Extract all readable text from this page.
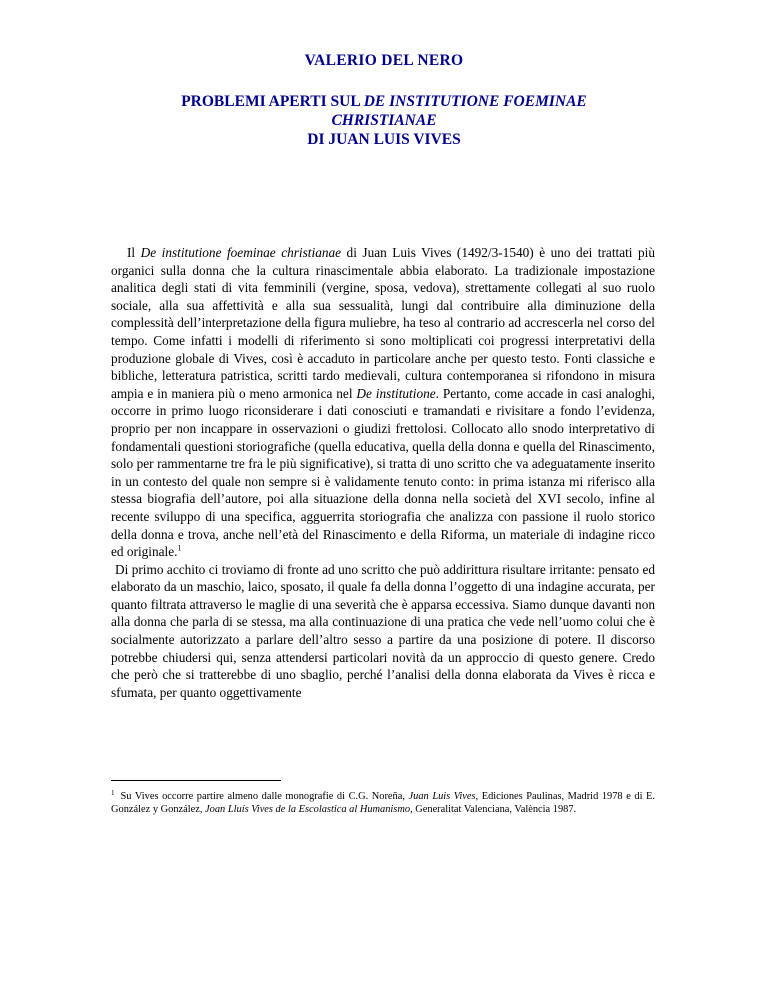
VALERIO DEL NERO
PROBLEMI APERTI SUL DE INSTITUTIONE FOEMINAE
CHRISTIANAE
DI JUAN LUIS VIVES

Il De institutione foeminae christianae di Juan Luis Vives (1492/3-1540) è uno dei trattati più organici sulla donna che la cultura rinascimentale abbia elaborato. La tradizionale impostazione analitica degli stati di vita femminili (vergine, sposa, vedova), strettamente collegati al suo ruolo sociale, alla sua affettività e alla sua sessualità, lungi dal contribuire alla diminuzione della complessità dell’interpretazione della figura muliebre, ha teso al contrario ad accrescerla nel corso del tempo. Come infatti i modelli di riferimento si sono moltiplicati coi progressi interpretativi della produzione globale di Vives, così è accaduto in particolare anche per questo testo. Fonti classiche e bibliche, letteratura patristica, scritti tardo medievali, cultura contemporanea si rifondono in misura ampia e in maniera più o meno armonica nel De institutione. Pertanto, come accade in casi analoghi, occorre in primo luogo riconsiderare i dati conosciuti e tramandati e rivisitare a fondo l’evidenza, proprio per non incappare in osservazioni o giudizi frettolosi. Collocato allo snodo interpretativo di fondamentali questioni storiografiche (quella educativa, quella della donna e quella del Rinascimento, solo per rammentarne tre fra le più significative), si tratta di uno scritto che va adeguatamente inserito in un contesto del quale non sempre si è validamente tenuto conto: in prima istanza mi riferisco alla stessa biografia dell’autore, poi alla situazione della donna nella società del XVI secolo, infine al recente sviluppo di una specifica, agguerrita storiografia che analizza con passione il ruolo storico della donna e trova, anche nell’età del Rinascimento e della Riforma, un materiale di indagine ricco ed originale.$^1$

Di primo acchito ci troviamo di fronte ad uno scritto che può addirittura risultare irritante: pensato ed elaborato da un maschio, laico, sposato, il quale fa della donna l’oggetto di una indagine accurata, per quanto filtrata attraverso le maglie di una severità che è apparsa eccessiva. Siamo dunque davanti non alla donna che parla di se stessa, ma alla continuazione di una pratica che vede nell’uomo colui che è socialmente autorizzato a parlare dell’altro sesso a partire da una posizione di potere. Il discorso potrebbe chiudersi qui, senza attendersi particolari novità da un approccio di questo genere. Credo che però che si tratterebbe di uno sbaglio, perché l’analisi della donna elaborata da Vives è ricca e sfumata, per quanto oggettivamente

$^1$ Su Vives occorre partire almeno dalle monografie di C.G. Noreña, Juan Luis Vives, Ediciones Paulinas, Madrid 1978 e di E. González y González, Joan Lluís Vives de la Escolastica al Humanismo, Generalitat Valenciana, València 1987.
